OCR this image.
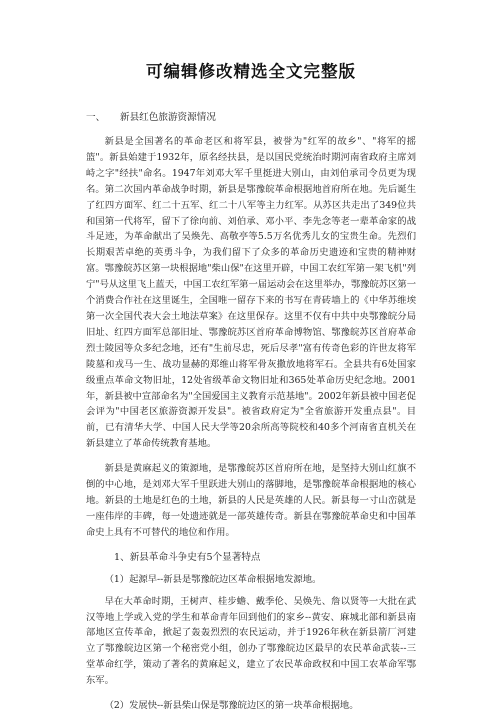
可编辑修改精选全文完整版
一、 新县红色旅游资源情况

新县是全国著名的革命老区和将军县，被誉为"红军的故乡"、"将军的摇篮"。新县始建于1932年，原名经扶县，是以国民党统治时期河南省政府主席刘峙之字"经扶"命名。1947年刘邓大军千里挺进大别山，由刘伯承司令员更为现名。第二次国内革命战争时期，新县是鄂豫皖革命根据地首府所在地。先后诞生了红四方面军、红二十五军、红二十八军等主力红军。从苏区共走出了349位共和国第一代将军，留下了徐向前、刘伯承、邓小平、李先念等老一辈革命家的战斗足迹，为革命献出了吴焕先、高敬亭等5.5万名优秀儿女的宝贵生命。先烈们长期艰苦卓绝的英勇斗争，为我们留下了众多的革命历史遗迹和宝贵的精神财富。鄂豫皖苏区第一块根据地"柴山保"在这里开辟，中国工农红军第一架飞机"列宁"号从这里飞上蓝天，中国工农红军第一届运动会在这里举办，鄂豫皖苏区第一个消费合作社在这里诞生，全国唯一留存下来的书写在青砖墙上的《中华苏维埃第一次全国代表大会土地法草案》在这里保存。这里不仅有中共中央鄂豫皖分局旧址、红四方面军总部旧址、鄂豫皖苏区首府革命博物馆、鄂豫皖苏区首府革命烈士陵园等众多纪念地，还有"生前尽忠，死后尽孝"富有传奇色彩的许世友将军陵墓和戎马一生、战功显赫的郑维山将军骨灰撒放地将军石。全县共有6处国家级重点革命文物旧址，12处省级革命文物旧址和365处革命历史纪念地。2001年，新县被中宣部命名为"全国爱国主义教育示范基地"。2002年新县被中国老促会评为"中国老区旅游资源开发县"。被省政府定为"全省旅游开发重点县"。目前，已有清华大学、中国人民大学等20余所高等院校和40多个河南省直机关在新县建立了革命传统教育基地。

新县是黄麻起义的策源地，是鄂豫皖苏区首府所在地，是坚持大别山红旗不倒的中心地，是刘邓大军千里跃进大别山的落脚地，是鄂豫皖革命根据地的核心地。新县的土地是红色的土地，新县的人民是英雄的人民。新县每一寸山峦就是一座伟岸的丰碑，每一处遗迹就是一部英雄传奇。新县在鄂豫皖革命史和中国革命史上具有不可替代的地位和作用。

1、新县革命斗争史有5个显著特点
（1）起源早--新县是鄂豫皖边区革命根据地发源地。

早在大革命时期，王树声、桂步蟾、戴季伦、吴焕先、詹以贤等一大批在武汉等地上学或入党的学生和革命青年回到他们的家乡--黄安、麻城北部和新县南部地区宣传革命，掀起了轰轰烈烈的农民运动，并于1926年秋在新县箭厂河建立了鄂豫皖边区第一个秘密党小组，创办了鄂豫皖边区最早的农民革命武装--三堂革命红学，策动了著名的黄麻起义，建立了农民革命政权和中国工农革命军鄂东军。

（2）发展快--新县柴山保是鄂豫皖边区的第一块革命根据地。
